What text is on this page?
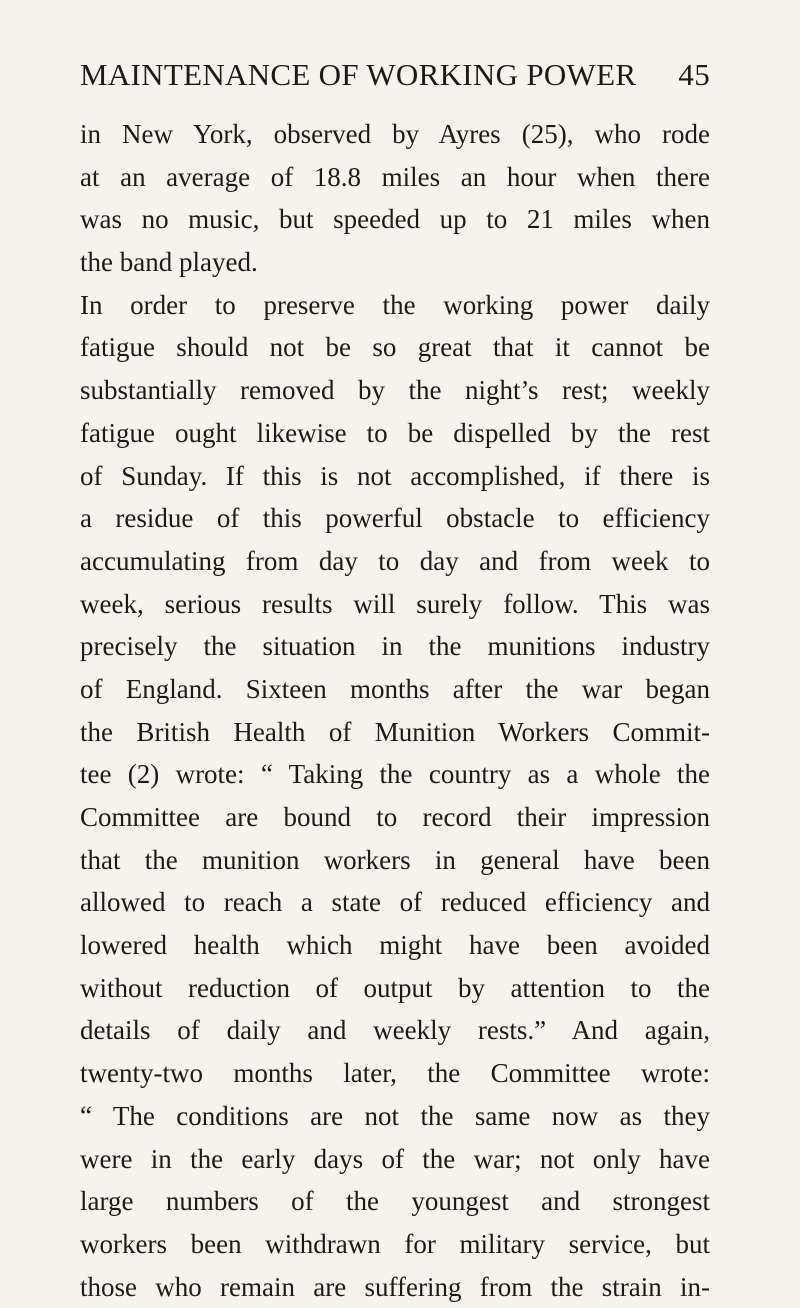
MAINTENANCE OF WORKING POWER 45
in New York, observed by Ayres (25), who rode
at an average of 18.8 miles an hour when there
was no music, but speeded up to 21 miles when
the band played.
In order to preserve the working power daily
fatigue should not be so great that it cannot be
substantially removed by the night’s rest; weekly
fatigue ought likewise to be dispelled by the rest
of Sunday. If this is not accomplished, if there is
a residue of this powerful obstacle to efficiency
accumulating from day to day and from week to
week, serious results will surely follow. This was
precisely the situation in the munitions industry
of England. Sixteen months after the war began
the British Health of Munition Workers Commit-
tee (2) wrote: “ Taking the country as a whole the
Committee are bound to record their impression
that the munition workers in general have been
allowed to reach a state of reduced efficiency and
lowered health which might have been avoided
without reduction of output by attention to the
details of daily and weekly rests.” And again,
twenty-two months later, the Committee wrote:
“ The conditions are not the same now as they
were in the early days of the war; not only have
large numbers of the youngest and strongest
workers been withdrawn for military service, but
those who remain are suffering from the strain in-
